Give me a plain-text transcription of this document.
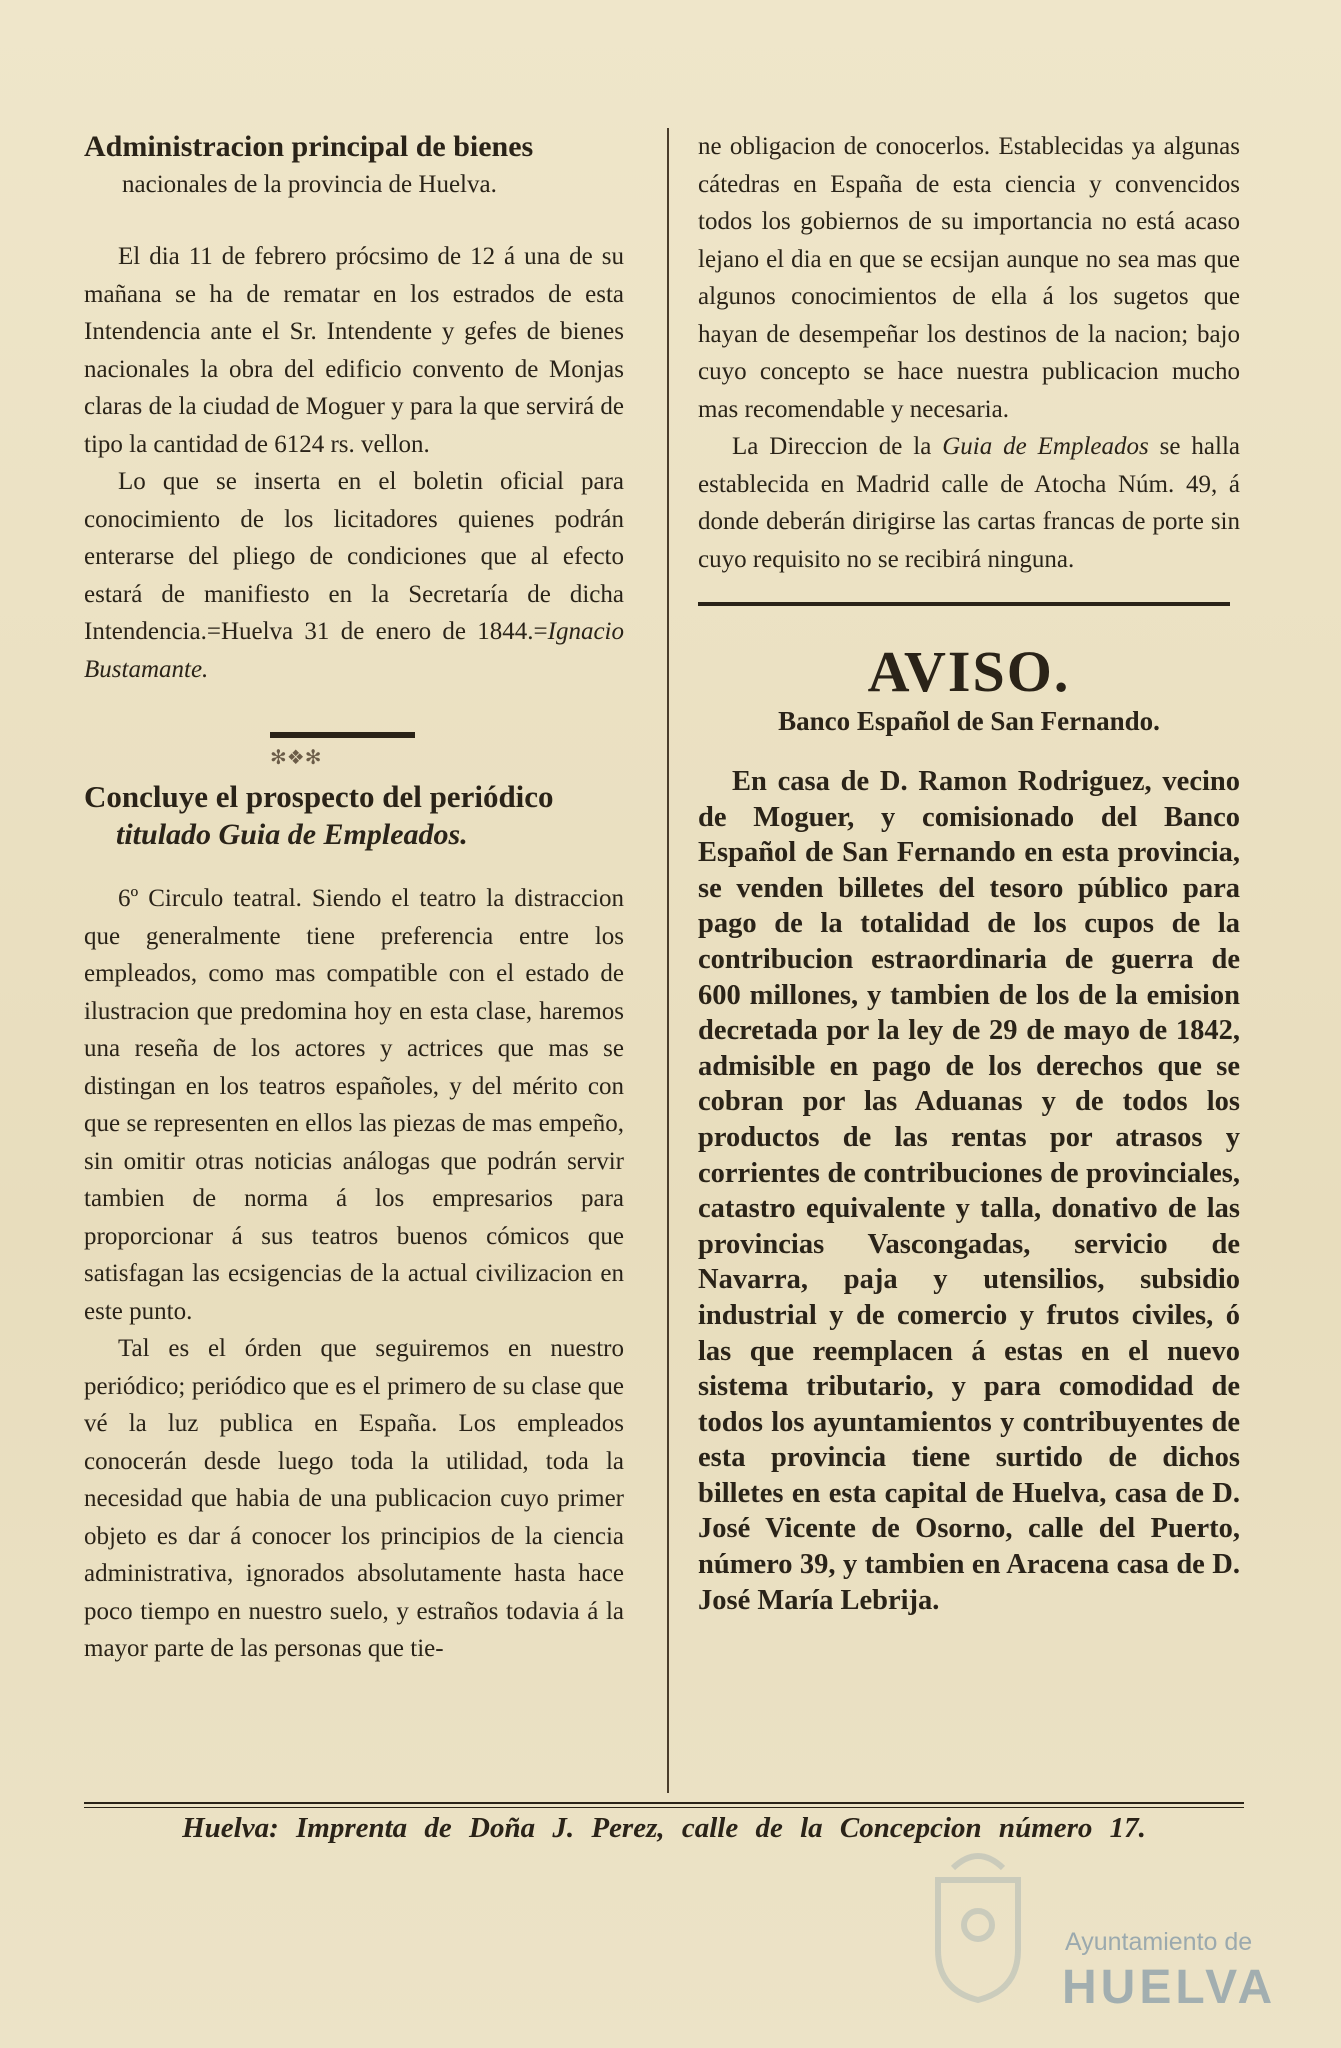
Administracion principal de bienes
nacionales de la provincia de Huelva.

El dia 11 de febrero prócsimo de 12 á una de su mañana se ha de rematar en los estrados de esta Intendencia ante el Sr. Intendente y gefes de bienes nacionales la obra del edificio convento de Monjas claras de la ciudad de Moguer y para la que servirá de tipo la cantidad de 6124 rs. vellon.

Lo que se inserta en el boletin oficial para conocimiento de los licitadores quienes podrán enterarse del pliego de condiciones que al efecto estará de manifiesto en la Secretaría de dicha Intendencia.=Huelva 31 de enero de 1844.=Ignacio Bustamante.

✻❖✻
Concluye el prospecto del periódico
titulado Guia de Empleados.

6º Circulo teatral. Siendo el teatro la distraccion que generalmente tiene preferencia entre los empleados, como mas compatible con el estado de ilustracion que predomina hoy en esta clase, haremos una reseña de los actores y actrices que mas se distingan en los teatros españoles, y del mérito con que se representen en ellos las piezas de mas empeño, sin omitir otras noticias análogas que podrán servir tambien de norma á los empresarios para proporcionar á sus teatros buenos cómicos que satisfagan las ecsigencias de la actual civilizacion en este punto.

Tal es el órden que seguiremos en nuestro periódico; periódico que es el primero de su clase que vé la luz publica en España. Los empleados conocerán desde luego toda la utilidad, toda la necesidad que habia de una publicacion cuyo primer objeto es dar á conocer los principios de la ciencia administrativa, ignorados absolutamente hasta hace poco tiempo en nuestro suelo, y estraños todavia á la mayor parte de las personas que tie-

ne obligacion de conocerlos. Establecidas ya algunas cátedras en España de esta ciencia y convencidos todos los gobiernos de su importancia no está acaso lejano el dia en que se ecsijan aunque no sea mas que algunos conocimientos de ella á los sugetos que hayan de desempeñar los destinos de la nacion; bajo cuyo concepto se hace nuestra publicacion mucho mas recomendable y necesaria.

La Direccion de la Guia de Empleados se halla establecida en Madrid calle de Atocha Núm. 49, á donde deberán dirigirse las cartas francas de porte sin cuyo requisito no se recibirá ninguna.

AVISO.
Banco Español de San Fernando.

En casa de D. Ramon Rodriguez, vecino de Moguer, y comisionado del Banco Español de San Fernando en esta provincia, se venden billetes del tesoro público para pago de la totalidad de los cupos de la contribucion estraordinaria de guerra de 600 millones, y tambien de los de la emision decretada por la ley de 29 de mayo de 1842, admisible en pago de los derechos que se cobran por las Aduanas y de todos los productos de las rentas por atrasos y corrientes de contribuciones de provinciales, catastro equivalente y talla, donativo de las provincias Vascongadas, servicio de Navarra, paja y utensilios, subsidio industrial y de comercio y frutos civiles, ó las que reemplacen á estas en el nuevo sistema tributario, y para comodidad de todos los ayuntamientos y contribuyentes de esta provincia tiene surtido de dichos billetes en esta capital de Huelva, casa de D. José Vicente de Osorno, calle del Puerto, número 39, y tambien en Aracena casa de D. José María Lebrija.

Huelva: Imprenta de Doña J. Perez, calle de la Concepcion número 17.
Ayuntamiento de
HUELVA
